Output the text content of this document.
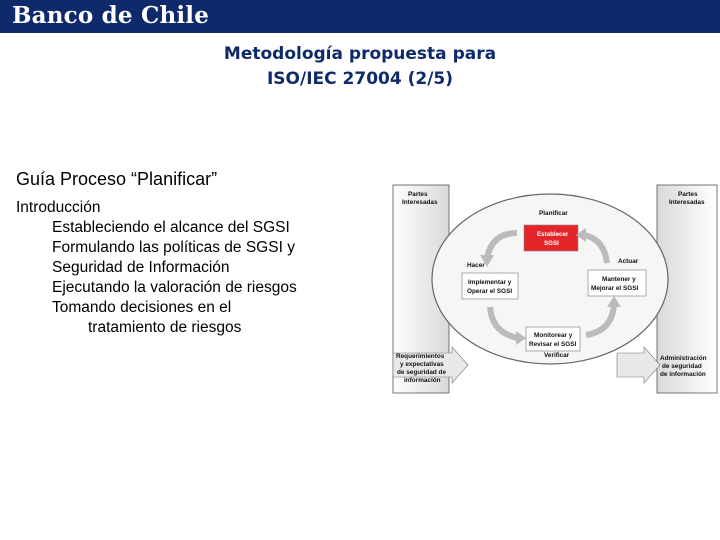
Banco de Chile
Metodología propuesta para
ISO/IEC 27004 (2/5)
Guía Proceso “Planificar”
Introducción
Estableciendo el alcance del SGSI
Formulando las políticas de SGSI y
Seguridad de Información
Ejecutando la valoración de riesgos
Tomando decisiones en el
tratamiento de riesgos
Partes
Interesadas
Partes
Interesadas
Planificar
Hacer
Actuar
Verificar
Establecer
SGSI
Implementar y
Operar el SGSI
Mantener y
Mejorar el SGSI
Monitorear y
Revisar el SGSI
Requerimientos
y expectativas
de seguridad de
información
Administración
de seguridad
de información
